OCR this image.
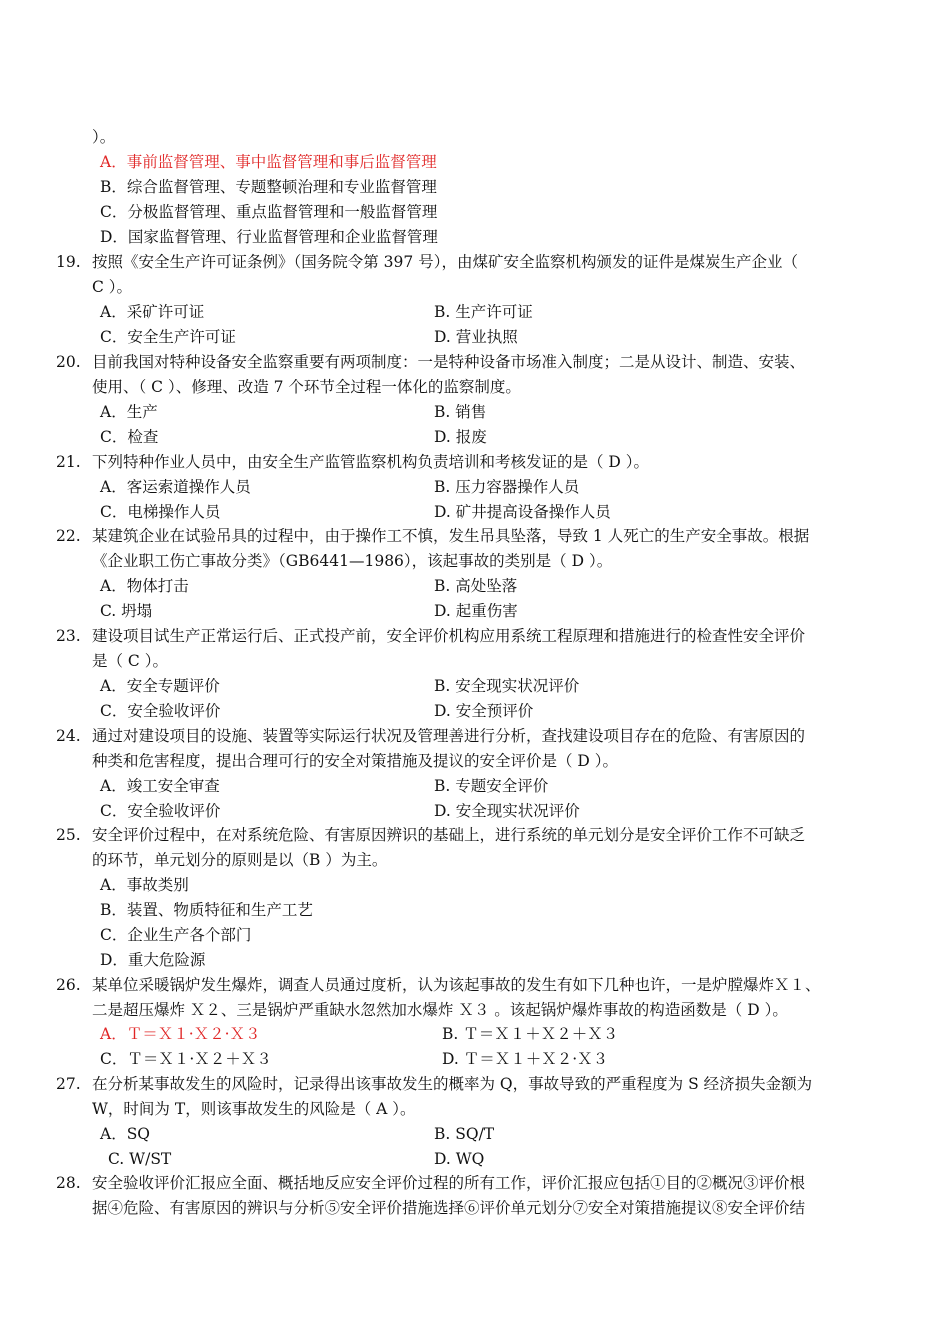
）。
A．事前监督管理、事中监督管理和事后监督管理
B．综合监督管理、专题整顿治理和专业监督管理
C．分极监督管理、重点监督管理和一般监督管理
D．国家监督管理、行业监督管理和企业监督管理
19. 按照《安全生产许可证条例》（国务院令第 397 号），由煤矿安全监察机构颁发的证件是煤炭生产企业（
C ）。
A．采矿许可证	B. 生产许可证
C．安全生产许可证	D. 营业执照
20. 目前我国对特种设备安全监察重要有两项制度：一是特种设备市场准入制度；二是从设计、制造、安装、
使用、（ C ）、修理、改造 7 个环节全过程一体化的监察制度。
A．生产	B. 销售
C．检查	D. 报废
21. 下列特种作业人员中，由安全生产监管监察机构负责培训和考核发证的是（ D ）。
A．客运索道操作人员	B. 压力容器操作人员
C．电梯操作人员	D. 矿井提高设备操作人员
22. 某建筑企业在试验吊具的过程中，由于操作工不慎，发生吊具坠落，导致 1 人死亡的生产安全事故。根据
《企业职工伤亡事故分类》（GB6441—1986），该起事故的类别是（ D ）。
A．物体打击	B. 高处坠落
C. 坍塌	D. 起重伤害
23. 建设项目试生产正常运行后、正式投产前，安全评价机构应用系统工程原理和措施进行的检查性安全评价
是（ C ）。
A．安全专题评价	B. 安全现实状况评价
C．安全验收评价	D. 安全预评价
24. 通过对建设项目的设施、装置等实际运行状况及管理善进行分析，查找建设项目存在的危险、有害原因的
种类和危害程度，提出合理可行的安全对策措施及提议的安全评价是（ D ）。
A．竣工安全审查	B. 专题安全评价
C．安全验收评价	D. 安全现实状况评价
25. 安全评价过程中，在对系统危险、有害原因辨识的基础上，进行系统的单元划分是安全评价工作不可缺乏
的环节，单元划分的原则是以（B ）为主。
A．事故类别
B．装置、物质特征和生产工艺
C．企业生产各个部门
D．重大危险源
26. 某单位采暖锅炉发生爆炸，调查人员通过度析，认为该起事故的发生有如下几种也许，一是炉膛爆炸Ｘ１、
二是超压爆炸 Ｘ２、三是锅炉严重缺水忽然加水爆炸 Ｘ３ 。该起锅炉爆炸事故的构造函数是（ D ）。
A．Ｔ＝Ｘ１·Ｘ２·Ｘ３	B. Ｔ＝Ｘ１＋Ｘ２＋Ｘ３
C．Ｔ＝Ｘ１·Ｘ２＋Ｘ３	D. Ｔ＝Ｘ１＋Ｘ２·Ｘ３
27. 在分析某事故发生的风险时，记录得出该事故发生的概率为 Q，事故导致的严重程度为 S 经济损失金额为
W，时间为 T，则该事故发生的风险是（ A ）。
A．SQ	B. SQ/T
C. W/ST	D. WQ
28. 安全验收评价汇报应全面、概括地反应安全评价过程的所有工作，评价汇报应包括①目的②概况③评价根
据④危险、有害原因的辨识与分析⑤安全评价措施选择⑥评价单元划分⑦安全对策措施提议⑧安全评价结
